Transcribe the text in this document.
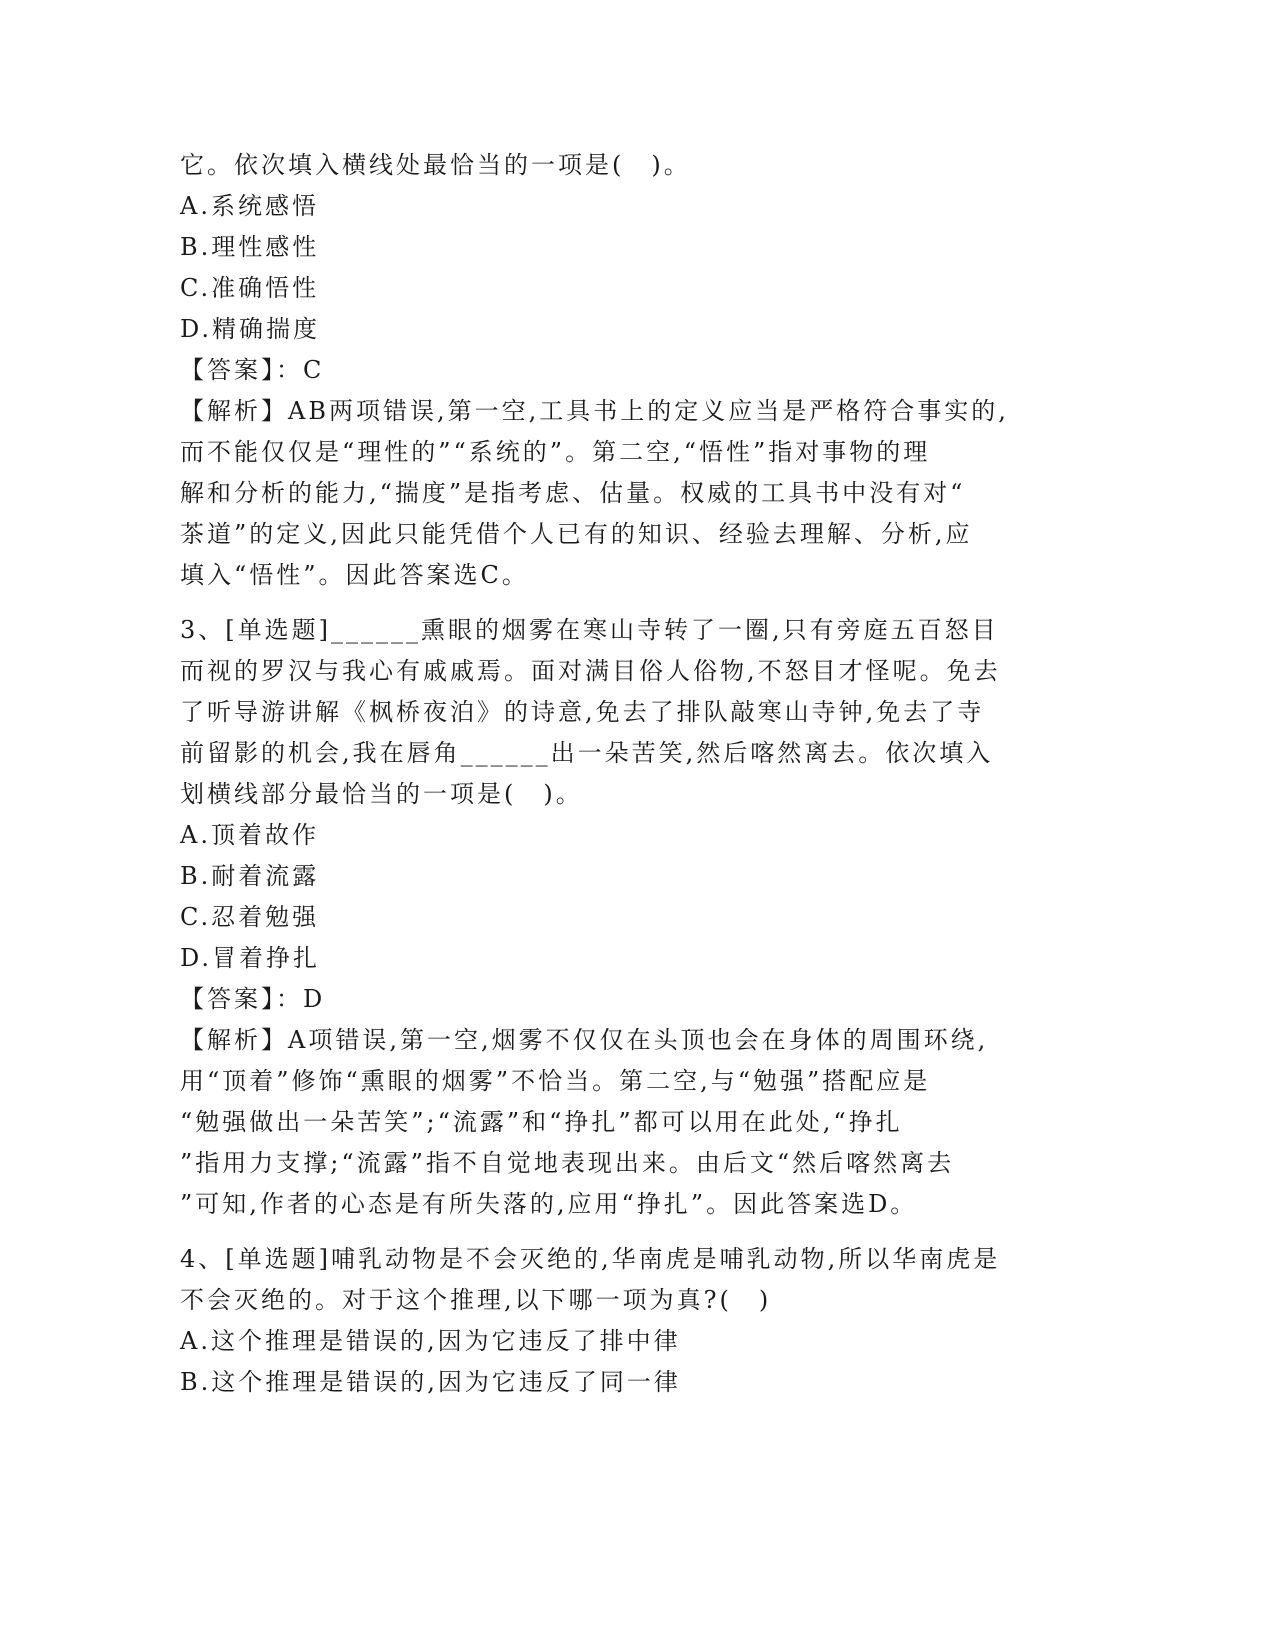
它。依次填入横线处最恰当的一项是(　)。
A.系统感悟
B.理性感性
C.准确悟性
D.精确揣度
【答案】：C
【解析】AB两项错误,第一空,工具书上的定义应当是严格符合事实的,
而不能仅仅是“理性的”“系统的”。第二空,“悟性”指对事物的理
解和分析的能力,“揣度”是指考虑、估量。权威的工具书中没有对“
茶道”的定义,因此只能凭借个人已有的知识、经验去理解、分析,应
填入“悟性”。因此答案选C。
3、[单选题]______熏眼的烟雾在寒山寺转了一圈,只有旁庭五百怒目
而视的罗汉与我心有戚戚焉。面对满目俗人俗物,不怒目才怪呢。免去
了听导游讲解《枫桥夜泊》的诗意,免去了排队敲寒山寺钟,免去了寺
前留影的机会,我在唇角______出一朵苦笑,然后喀然离去。依次填入
划横线部分最恰当的一项是(　)。
A.顶着故作
B.耐着流露
C.忍着勉强
D.冒着挣扎
【答案】：D
【解析】A项错误,第一空,烟雾不仅仅在头顶也会在身体的周围环绕,
用“顶着”修饰“熏眼的烟雾”不恰当。第二空,与“勉强”搭配应是
“勉强做出一朵苦笑”;“流露”和“挣扎”都可以用在此处,“挣扎
”指用力支撑;“流露”指不自觉地表现出来。由后文“然后喀然离去
”可知,作者的心态是有所失落的,应用“挣扎”。因此答案选D。
4、[单选题]哺乳动物是不会灭绝的,华南虎是哺乳动物,所以华南虎是
不会灭绝的。对于这个推理,以下哪一项为真?(　)
A.这个推理是错误的,因为它违反了排中律
B.这个推理是错误的,因为它违反了同一律
